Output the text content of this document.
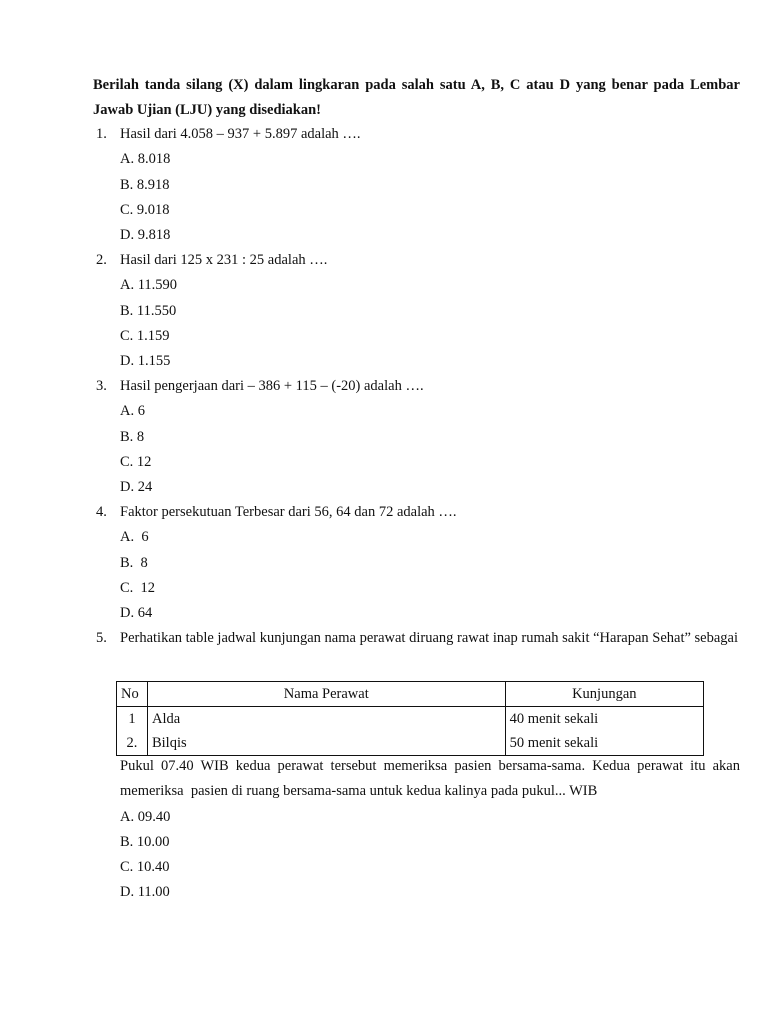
Berilah tanda silang (X) dalam lingkaran pada salah satu A, B, C atau D yang benar pada Lembar Jawab Ujian (LJU) yang disediakan!
1. Hasil dari 4.058 – 937 + 5.897 adalah ….
A. 8.018
B. 8.918
C. 9.018
D. 9.818
2. Hasil dari 125 x 231 : 25 adalah ….
A. 11.590
B. 11.550
C. 1.159
D. 1.155
3. Hasil pengerjaan dari – 386 + 115 – (-20) adalah ….
A. 6
B. 8
C. 12
D. 24
4. Faktor persekutuan Terbesar dari 56, 64 dan 72 adalah ….
A.  6
B.  8
C.  12
D. 64
5. Perhatikan table jadwal kunjungan nama perawat diruang rawat inap rumah sakit “Harapan Sehat” sebagai
No	Nama Perawat	Kunjungan
1	Alda	40 menit sekali
2.	Bilqis	50 menit sekali
Pukul 07.40 WIB kedua perawat tersebut memeriksa pasien bersama-sama. Kedua perawat itu akan memeriksa  pasien di ruang bersama-sama untuk kedua kalinya pada pukul... WIB
A. 09.40
B. 10.00
C. 10.40
D. 11.00
